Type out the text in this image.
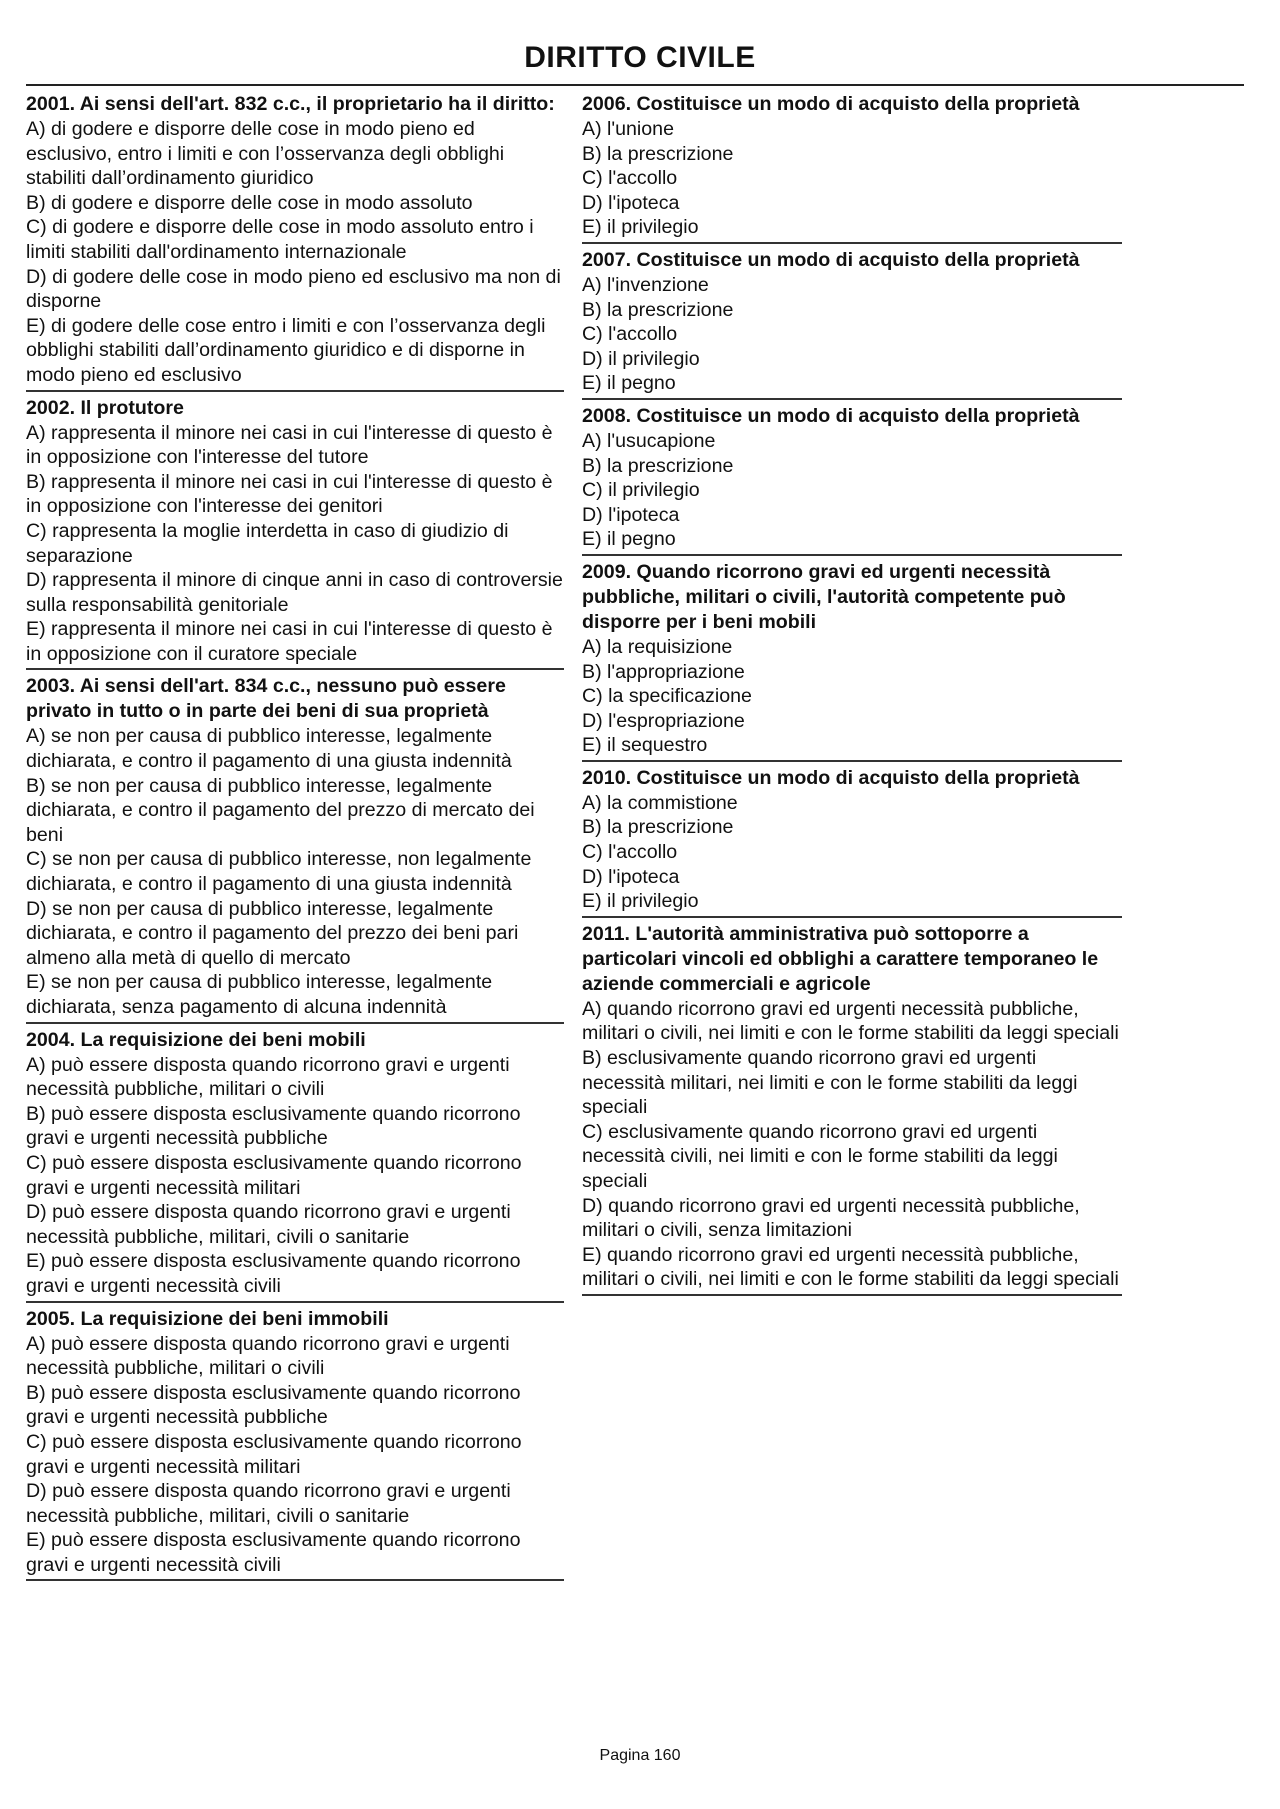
DIRITTO CIVILE
2001. Ai sensi dell'art. 832 c.c., il proprietario ha il diritto:
A) di godere e disporre delle cose in modo pieno ed esclusivo, entro i limiti e con l’osservanza degli obblighi stabiliti dall’ordinamento giuridico
B) di godere e disporre delle cose in modo assoluto
C) di godere e disporre delle cose in modo assoluto entro i limiti stabiliti dall'ordinamento internazionale
D) di godere delle cose in modo pieno ed esclusivo ma non di disporne
E) di godere delle cose entro i limiti e con l’osservanza degli obblighi stabiliti dall’ordinamento giuridico e di disporne in modo pieno ed esclusivo
2002. Il protutore
A) rappresenta il minore nei casi in cui l'interesse di questo è in opposizione con l'interesse del tutore
B) rappresenta il minore nei casi in cui l'interesse di questo è in opposizione con l'interesse dei genitori
C) rappresenta la moglie interdetta in caso di giudizio di separazione
D) rappresenta il minore di cinque anni in caso di controversie sulla responsabilità genitoriale
E) rappresenta il minore nei casi in cui l'interesse di questo è in opposizione con il curatore speciale
2003. Ai sensi dell'art. 834 c.c., nessuno può essere privato in tutto o in parte dei beni di sua proprietà
A) se non per causa di pubblico interesse, legalmente dichiarata, e contro il pagamento di una giusta indennità
B) se non per causa di pubblico interesse, legalmente dichiarata, e contro il pagamento del prezzo di mercato dei beni
C) se non per causa di pubblico interesse, non legalmente dichiarata, e contro il pagamento di una giusta indennità
D) se non per causa di pubblico interesse, legalmente dichiarata, e contro il pagamento del prezzo dei beni pari almeno alla metà di quello di mercato
E) se non per causa di pubblico interesse, legalmente dichiarata, senza pagamento di alcuna indennità
2004. La requisizione dei beni mobili
A) può essere disposta quando ricorrono gravi e urgenti necessità pubbliche, militari o civili
B) può essere disposta esclusivamente quando ricorrono gravi e urgenti necessità pubbliche
C) può essere disposta esclusivamente quando ricorrono gravi e urgenti necessità militari
D) può essere disposta quando ricorrono gravi e urgenti necessità pubbliche, militari, civili o sanitarie
E) può essere disposta esclusivamente quando ricorrono gravi e urgenti necessità civili
2005. La requisizione dei beni immobili
A) può essere disposta quando ricorrono gravi e urgenti necessità pubbliche, militari o civili
B) può essere disposta esclusivamente quando ricorrono gravi e urgenti necessità pubbliche
C) può essere disposta esclusivamente quando ricorrono gravi e urgenti necessità militari
D) può essere disposta quando ricorrono gravi e urgenti necessità pubbliche, militari, civili o sanitarie
E) può essere disposta esclusivamente quando ricorrono gravi e urgenti necessità civili
2006. Costituisce un modo di acquisto della proprietà
A) l'unione
B) la prescrizione
C) l'accollo
D) l'ipoteca
E) il privilegio
2007. Costituisce un modo di acquisto della proprietà
A) l'invenzione
B) la prescrizione
C) l'accollo
D) il privilegio
E) il pegno
2008. Costituisce un modo di acquisto della proprietà
A) l'usucapione
B) la prescrizione
C) il privilegio
D) l'ipoteca
E) il pegno
2009. Quando ricorrono gravi ed urgenti necessità pubbliche, militari o civili, l'autorità competente può disporre per i beni mobili
A) la requisizione
B) l'appropriazione
C) la specificazione
D) l'espropriazione
E) il sequestro
2010. Costituisce un modo di acquisto della proprietà
A) la commistione
B) la prescrizione
C) l'accollo
D) l'ipoteca
E) il privilegio
2011. L'autorità amministrativa può sottoporre a particolari vincoli ed obblighi a carattere temporaneo le aziende commerciali e agricole
A) quando ricorrono gravi ed urgenti necessità pubbliche, militari o civili, nei limiti e con le forme stabiliti da leggi speciali
B) esclusivamente quando ricorrono gravi ed urgenti necessità militari, nei limiti e con le forme stabiliti da leggi speciali
C) esclusivamente quando ricorrono gravi ed urgenti necessità civili, nei limiti e con le forme stabiliti da leggi speciali
D) quando ricorrono gravi ed urgenti necessità pubbliche, militari o civili, senza limitazioni
E) quando ricorrono gravi ed urgenti necessità pubbliche, militari o civili, nei limiti e con le forme stabiliti da leggi speciali
Pagina 160
